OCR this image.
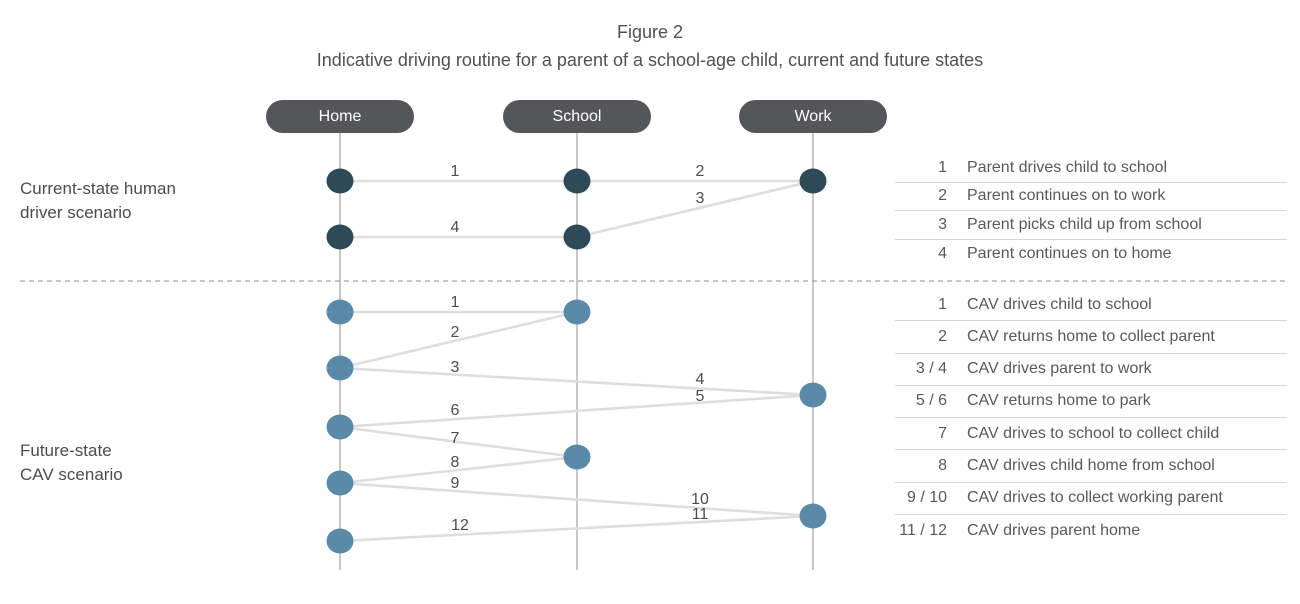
Figure 2
Indicative driving routine for a parent of a school-age child, current and future states
1	2
3
4
1
2
3
4
5
6
7
8
9
10
11
12
Home	School	Work
Current-state human
driver scenario
Future-state
CAV scenario
1 Parent drives child to school
2 Parent continues on to work
3 Parent picks child up from school
4 Parent continues on to home
1 CAV drives child to school
2 CAV returns home to collect parent
3 / 4 CAV drives parent to work
5 / 6 CAV returns home to park
7 CAV drives to school to collect child
8 CAV drives child home from school
9 / 10 CAV drives to collect working parent
11 / 12 CAV drives parent home
